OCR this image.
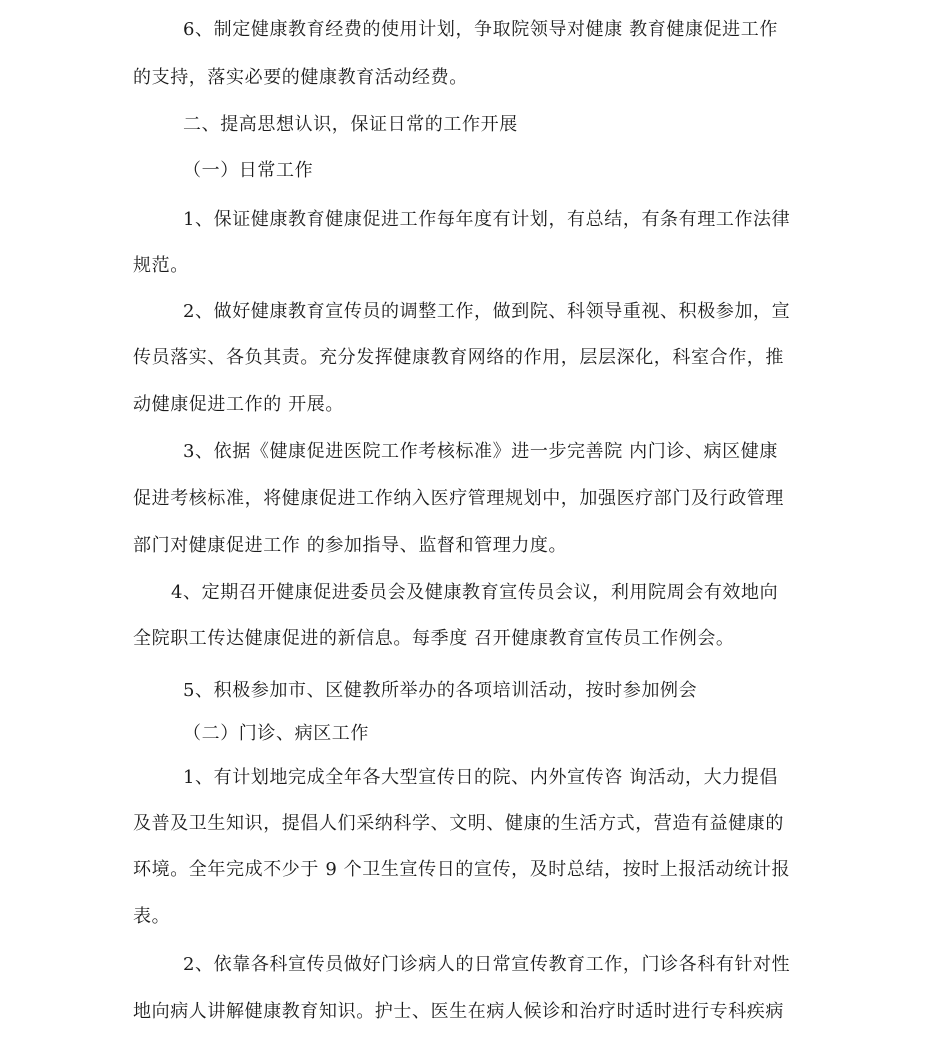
6、制定健康教育经费的使用计划，争取院领导对健康 教育健康促进工作
的支持，落实必要的健康教育活动经费。
二、提高思想认识，保证日常的工作开展
（一）日常工作
1、保证健康教育健康促进工作每年度有计划，有总结，有条有理工作法律
规范。
2、做好健康教育宣传员的调整工作，做到院、科领导重视、积极参加，宣
传员落实、各负其责。充分发挥健康教育网络的作用，层层深化，科室合作，推
动健康促进工作的 开展。
3、依据《健康促进医院工作考核标准》进一步完善院 内门诊、病区健康
促进考核标准，将健康促进工作纳入医疗管理规划中，加强医疗部门及行政管理
部门对健康促进工作 的参加指导、监督和管理力度。
4、定期召开健康促进委员会及健康教育宣传员会议，利用院周会有效地向
全院职工传达健康促进的新信息。每季度 召开健康教育宣传员工作例会。
5、积极参加市、区健教所举办的各项培训活动，按时参加例会
（二）门诊、病区工作
1、有计划地完成全年各大型宣传日的院、内外宣传咨 询活动，大力提倡
及普及卫生知识，提倡人们采纳科学、文明、健康的生活方式，营造有益健康的
环境。全年完成不少于 9 个卫生宣传日的宣传，及时总结，按时上报活动统计报
表。
2、依靠各科宣传员做好门诊病人的日常宣传教育工作，门诊各科有针对性
地向病人讲解健康教育知识。护士、医生在病人候诊和治疗时适时进行专科疾病
